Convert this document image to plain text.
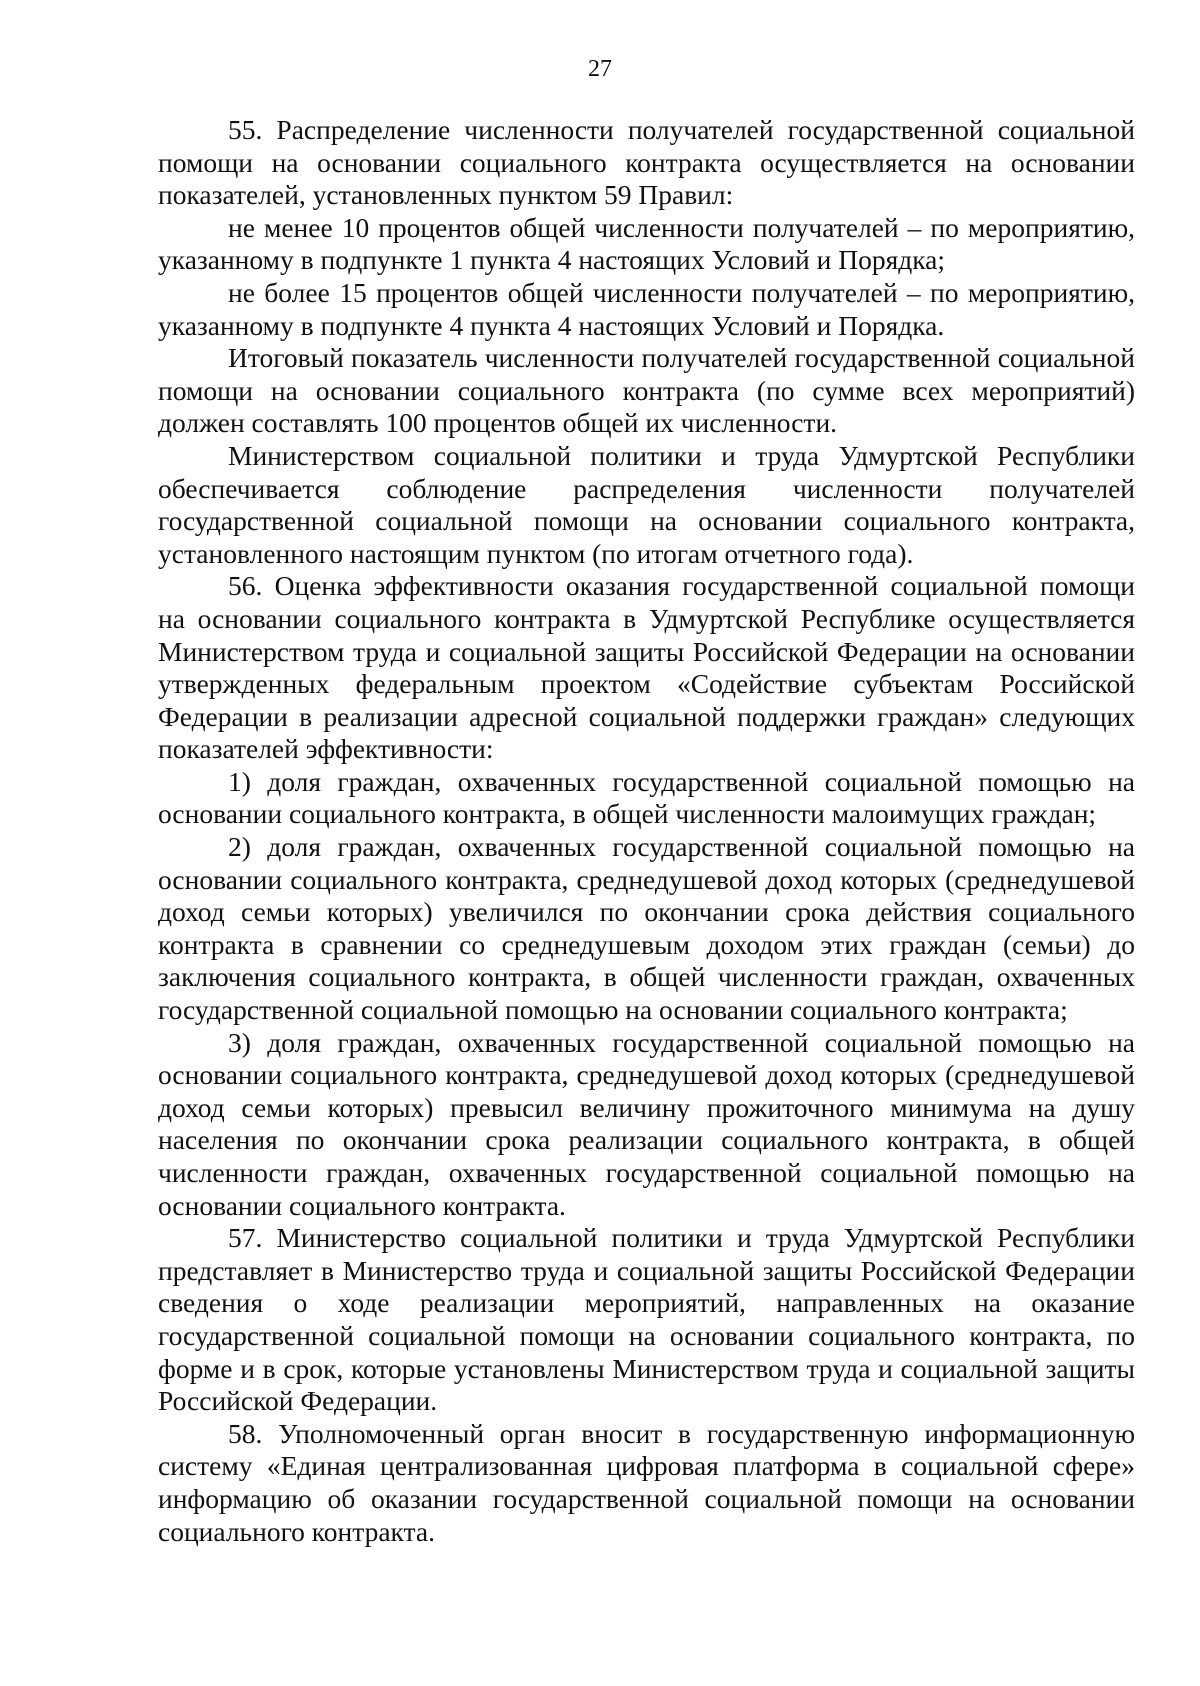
27

55. Распределение численности получателей государственной социальной помощи на основании социального контракта осуществляется на основании показателей, установленных пунктом 59 Правил:

не менее 10 процентов общей численности получателей – по мероприятию, указанному в подпункте 1 пункта 4 настоящих Условий и Порядка;

не более 15 процентов общей численности получателей – по мероприятию, указанному в подпункте 4 пункта 4 настоящих Условий и Порядка.

Итоговый показатель численности получателей государственной социальной помощи на основании социального контракта (по сумме всех мероприятий) должен составлять 100 процентов общей их численности.

Министерством социальной политики и труда Удмуртской Республики обеспечивается соблюдение распределения численности получателей государственной социальной помощи на основании социального контракта, установленного настоящим пунктом (по итогам отчетного года).

56. Оценка эффективности оказания государственной социальной помощи на основании социального контракта в Удмуртской Республике осуществляется Министерством труда и социальной защиты Российской Федерации на основании утвержденных федеральным проектом «Содействие субъектам Российской Федерации в реализации адресной социальной поддержки граждан» следующих показателей эффективности:

1) доля граждан, охваченных государственной социальной помощью на основании социального контракта, в общей численности малоимущих граждан;

2) доля граждан, охваченных государственной социальной помощью на основании социального контракта, среднедушевой доход которых (среднедушевой доход семьи которых) увеличился по окончании срока действия социального контракта в сравнении со среднедушевым доходом этих граждан (семьи) до заключения социального контракта, в общей численности граждан, охваченных государственной социальной помощью на основании социального контракта;

3) доля граждан, охваченных государственной социальной помощью на основании социального контракта, среднедушевой доход которых (среднедушевой доход семьи которых) превысил величину прожиточного минимума на душу населения по окончании срока реализации социального контракта, в общей численности граждан, охваченных государственной социальной помощью на основании социального контракта.

57. Министерство социальной политики и труда Удмуртской Республики представляет в Министерство труда и социальной защиты Российской Федерации сведения о ходе реализации мероприятий, направленных на оказание государственной социальной помощи на основании социального контракта, по форме и в срок, которые установлены Министерством труда и социальной защиты Российской Федерации.

58. Уполномоченный орган вносит в государственную информационную систему «Единая централизованная цифровая платформа в социальной сфере» информацию об оказании государственной социальной помощи на основании социального контракта.
